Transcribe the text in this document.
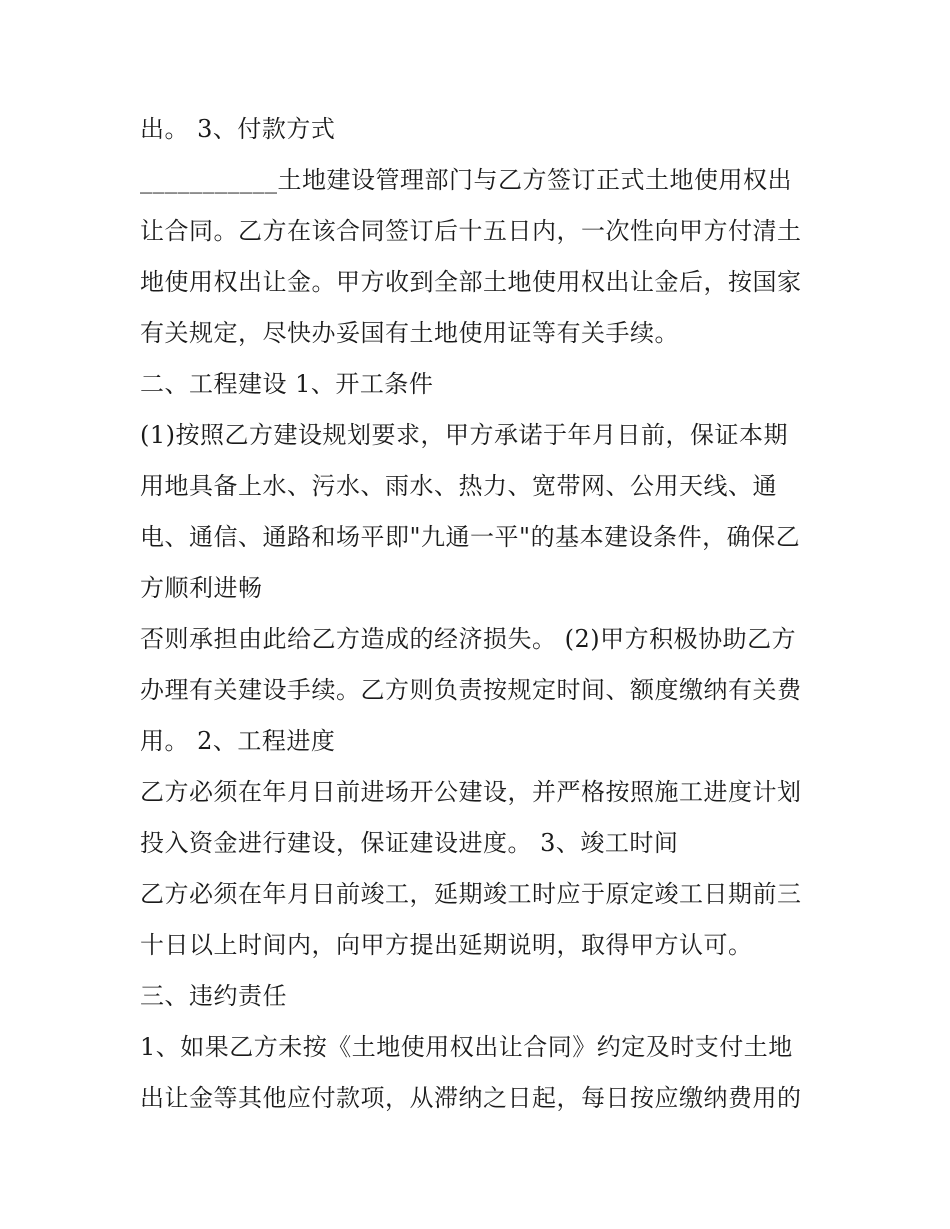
出。 3、付款方式
___________土地建设管理部门与乙方签订正式土地使用权出
让合同。乙方在该合同签订后十五日内，一次性向甲方付清土
地使用权出让金。甲方收到全部土地使用权出让金后，按国家
有关规定，尽快办妥国有土地使用证等有关手续。
二、工程建设 1、开工条件
(1)按照乙方建设规划要求，甲方承诺于年月日前，保证本期
用地具备上水、污水、雨水、热力、宽带网、公用天线、通
电、通信、通路和场平即"九通一平"的基本建设条件，确保乙
方顺利进畅
否则承担由此给乙方造成的经济损失。 (2)甲方积极协助乙方
办理有关建设手续。乙方则负责按规定时间、额度缴纳有关费
用。 2、工程进度
乙方必须在年月日前进场开公建设，并严格按照施工进度计划
投入资金进行建设，保证建设进度。 3、竣工时间
乙方必须在年月日前竣工，延期竣工时应于原定竣工日期前三
十日以上时间内，向甲方提出延期说明，取得甲方认可。
三、违约责任
1、如果乙方未按《土地使用权出让合同》约定及时支付土地
出让金等其他应付款项，从滞纳之日起，每日按应缴纳费用的
